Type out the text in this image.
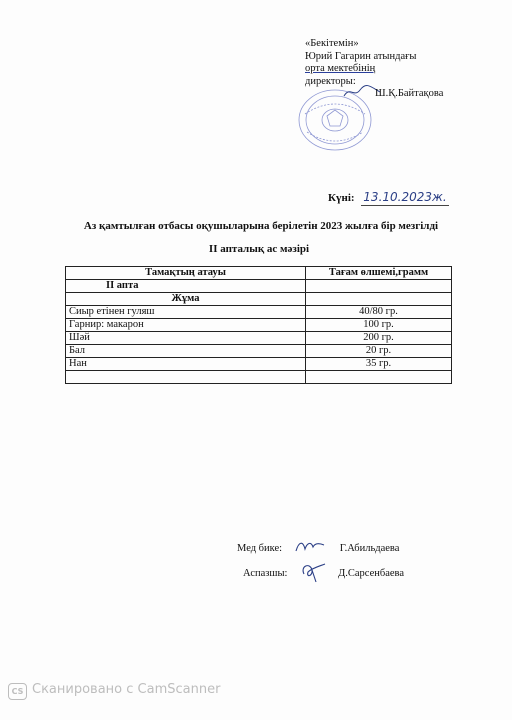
«Бекітемін»
Юрий Гагарин атындағы
орта мектебінің
директоры:
Ш.Қ.Байтақова
Күні: 13.10.2023ж.
Аз қамтылған отбасы оқушыларына берілетін 2023 жылға бір мезгілді
II апталық ас мәзірі
Тамақтың атауы	Тағам өлшемі,грамм
II апта	
Жұма	
Сиыр етінен гуляш	40/80 гр.
Гарнир: макарон	100 гр.
Шәй	200 гр.
Бал	20 гр.
Нан	35 гр.

Мед бике:	Г.Абильдаева
Аспазшы:	Д.Сарсенбаева
CS Сканировано с CamScanner
